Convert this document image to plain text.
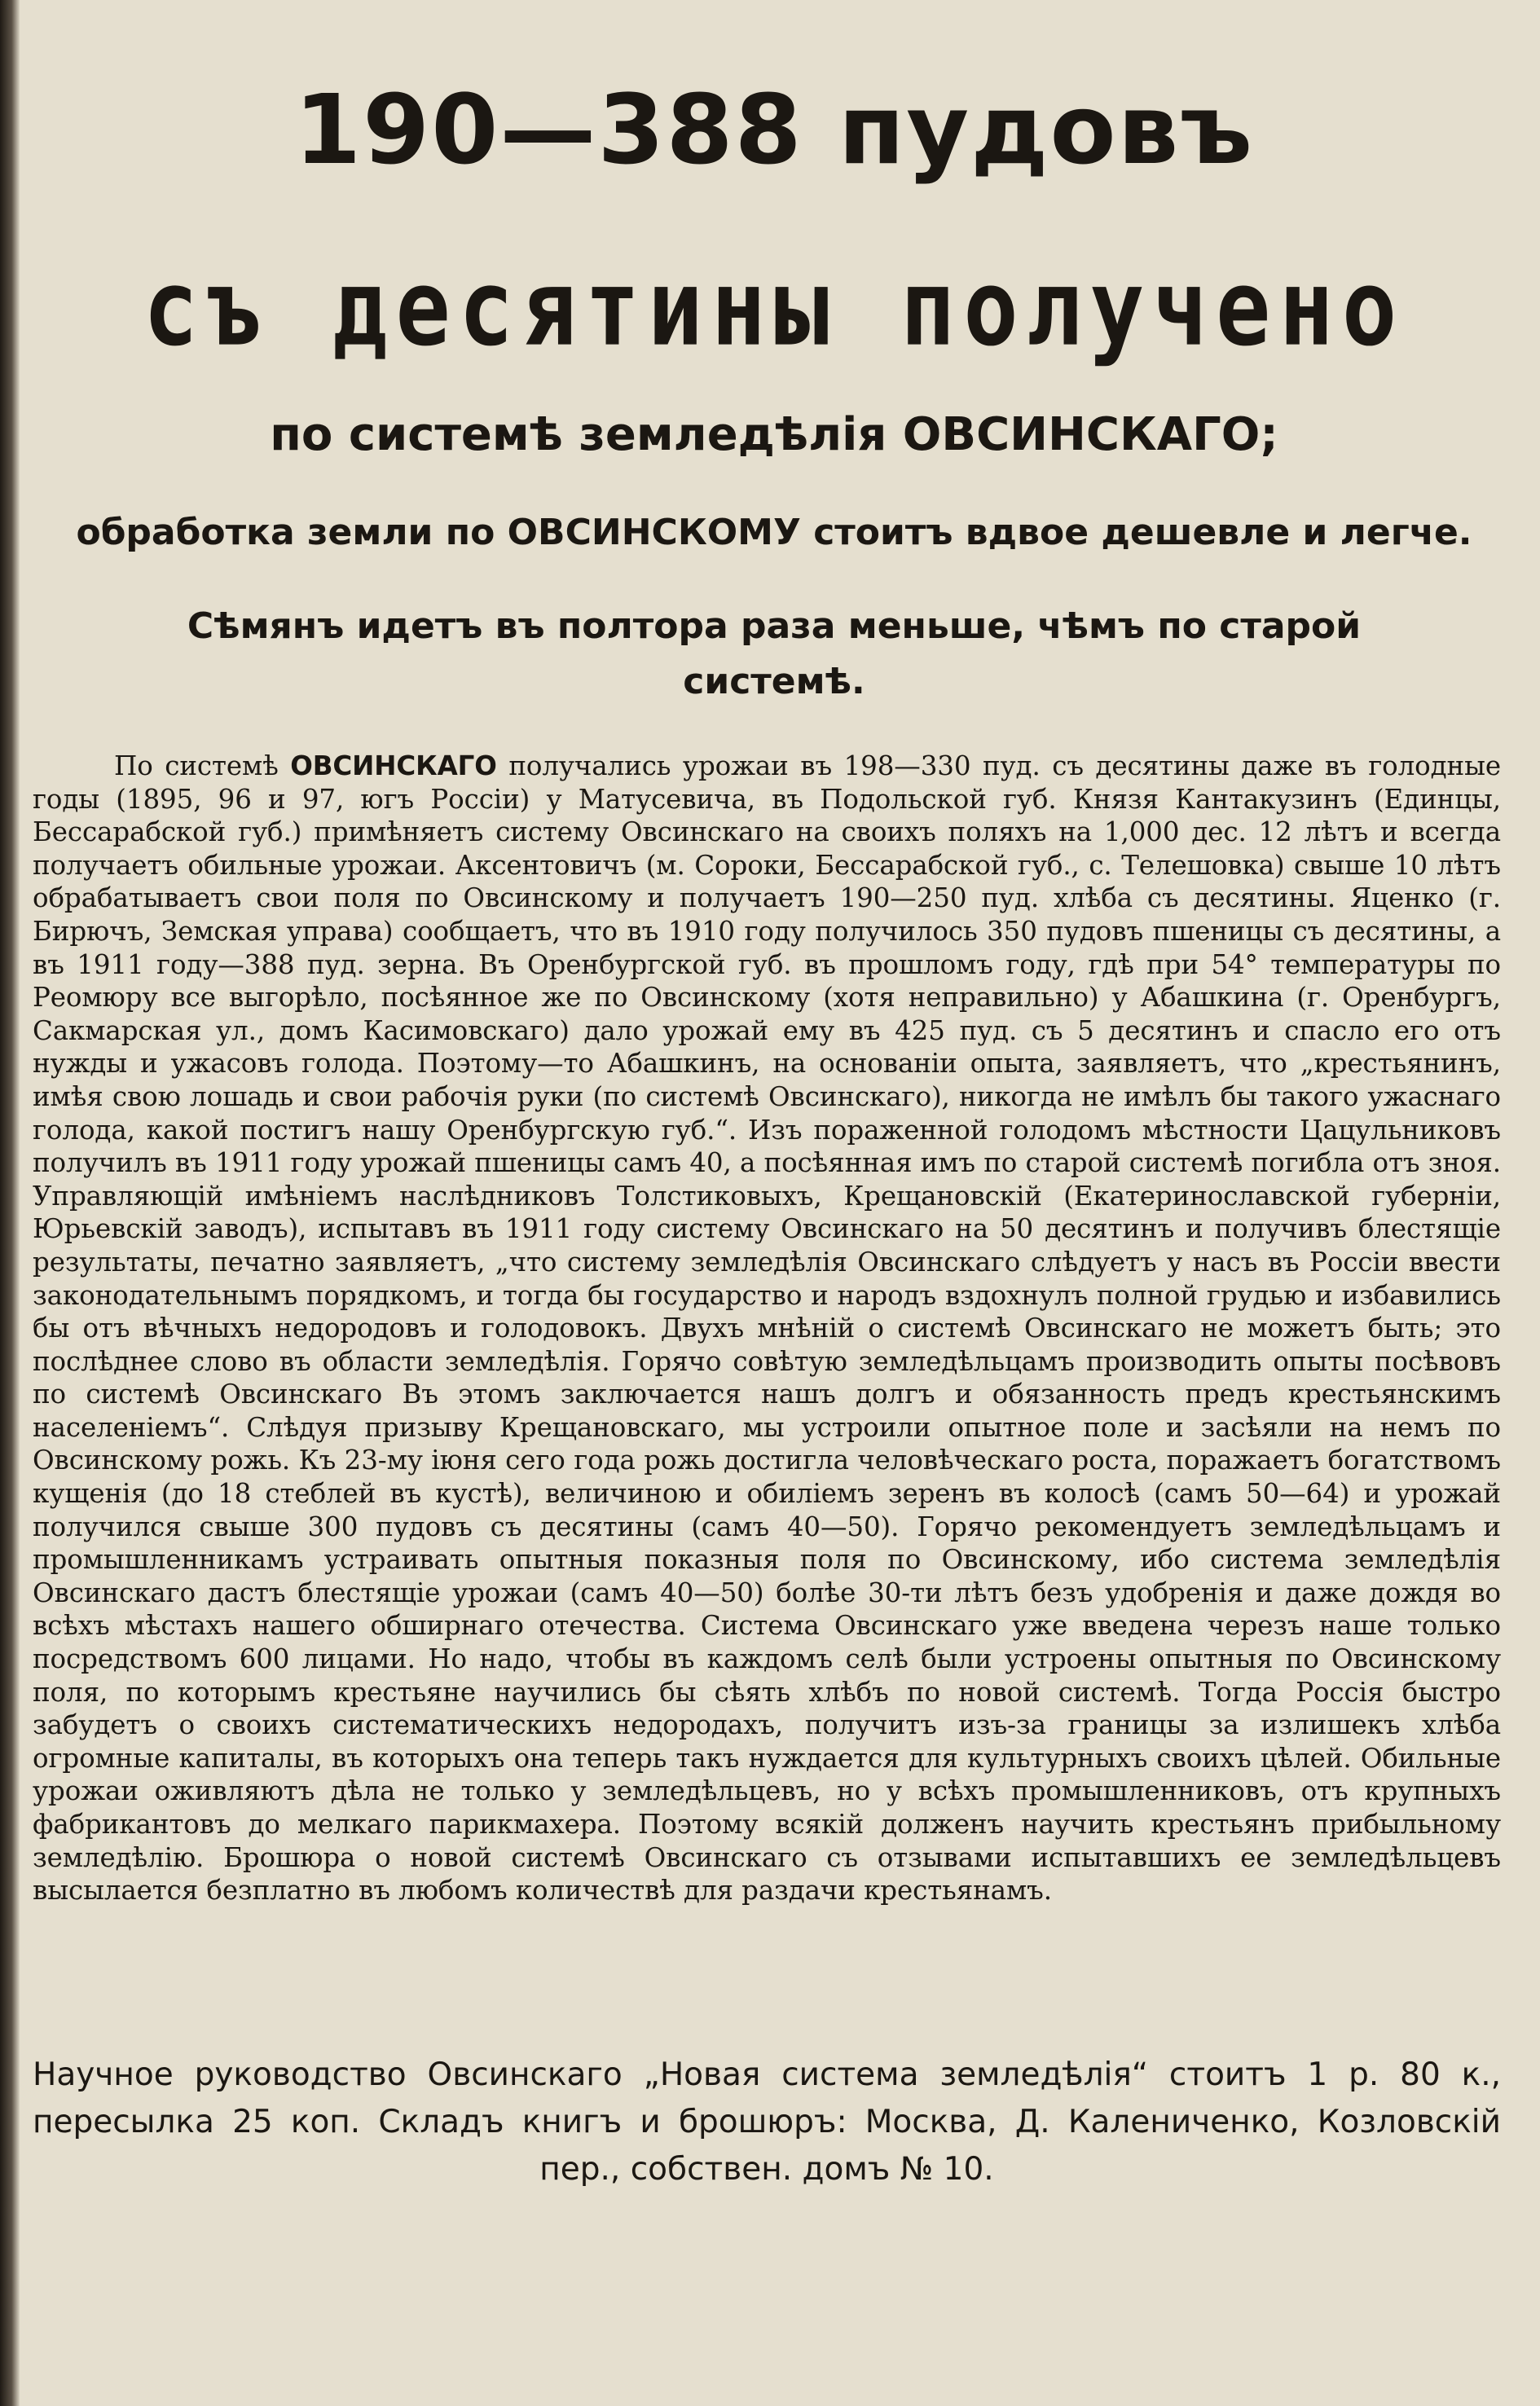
190—388 пудовъ
съ десятины получено
по системѣ земледѣлія ОВСИНСКАГО;
обработка земли по ОВСИНСКОМУ стоитъ вдвое дешевле и легче.
Сѣмянъ идетъ въ полтора раза меньше, чѣмъ по старой системѣ.
По системѣ ОВСИНСКАГО получались урожаи въ 198—330 пуд. съ десятины даже въ голодные годы (1895, 96 и 97, югъ Россіи) у Матусевича, въ Подольской губ. Князя Кантакузинъ (Единцы, Бессарабской губ.) примѣняетъ систему Овсинскаго на своихъ поляхъ на 1,000 дес. 12 лѣтъ и всегда получаетъ обильные урожаи. Аксентовичъ (м. Сороки, Бессарабской губ., с. Телешовка) свыше 10 лѣтъ обрабатываетъ свои поля по Овсинскому и получаетъ 190—250 пуд. хлѣба съ десятины. Яценко (г. Бирючъ, Земская управа) сообщаетъ, что въ 1910 году получилось 350 пудовъ пшеницы съ десятины, а въ 1911 году—388 пуд. зерна. Въ Оренбургской губ. въ прошломъ году, гдѣ при 54° температуры по Реомюру все выгорѣло, посѣянное же по Овсинскому (хотя неправильно) у Абашкина (г. Оренбургъ, Сакмарская ул., домъ Касимовскаго) дало урожай ему въ 425 пуд. съ 5 десятинъ и спасло его отъ нужды и ужасовъ голода. Поэтому—то Абашкинъ, на основаніи опыта, заявляетъ, что „крестьянинъ, имѣя свою лошадь и свои рабочія руки (по системѣ Овсинскаго), никогда не имѣлъ бы такого ужаснаго голода, какой постигъ нашу Оренбургскую губ.“. Изъ пораженной голодомъ мѣстности Цацульниковъ получилъ въ 1911 году урожай пшеницы самъ 40, а посѣянная имъ по старой системѣ погибла отъ зноя. Управляющій имѣніемъ наслѣдниковъ Толстиковыхъ, Крещановскій (Екатеринославской губерніи, Юрьевскій заводъ), испытавъ въ 1911 году систему Овсинскаго на 50 десятинъ и получивъ блестящіе результаты, печатно заявляетъ, „что систему земледѣлія Овсинскаго слѣдуетъ у насъ въ Россіи ввести законодательнымъ порядкомъ, и тогда бы государство и народъ вздохнулъ полной грудью и избавились бы отъ вѣчныхъ недородовъ и голодовокъ. Двухъ мнѣній о системѣ Овсинскаго не можетъ быть; это послѣднее слово въ области земледѣлія. Горячо совѣтую земледѣльцамъ производить опыты посѣвовъ по системѣ Овсинскаго Въ этомъ заключается нашъ долгъ и обязанность предъ крестьянскимъ населеніемъ“. Слѣдуя призыву Крещановскаго, мы устроили опытное поле и засѣяли на немъ по Овсинскому рожь. Къ 23-му іюня сего года рожь достигла человѣческаго роста, поражаетъ богатствомъ кущенія (до 18 стеблей въ кустѣ), величиною и обиліемъ зеренъ въ колосѣ (самъ 50—64) и урожай получился свыше 300 пудовъ съ десятины (самъ 40—50). Горячо рекомендуетъ земледѣльцамъ и промышленникамъ устраивать опытныя показныя поля по Овсинскому, ибо система земледѣлія Овсинскаго дастъ блестящіе урожаи (самъ 40—50) болѣе 30-ти лѣтъ безъ удобренія и даже дождя во всѣхъ мѣстахъ нашего обширнаго отечества. Система Овсинскаго уже введена черезъ наше только посредствомъ 600 лицами. Но надо, чтобы въ каждомъ селѣ были устроены опытныя по Овсинскому поля, по которымъ крестьяне научились бы сѣять хлѣбъ по новой системѣ. Тогда Россія быстро забудетъ о своихъ систематическихъ недородахъ, получитъ изъ-за границы за излишекъ хлѣба огромные капиталы, въ которыхъ она теперь такъ нуждается для культурныхъ своихъ цѣлей. Обильные урожаи оживляютъ дѣла не только у земледѣльцевъ, но у всѣхъ промышленниковъ, отъ крупныхъ фабрикантовъ до мелкаго парикмахера. Поэтому всякій долженъ научить крестьянъ прибыльному земледѣлію. Брошюра о новой системѣ Овсинскаго съ отзывами испытавшихъ ее земледѣльцевъ высылается безплатно въ любомъ количествѣ для раздачи крестьянамъ.
Научное руководство Овсинскаго „Новая система земледѣлія“ стоитъ 1 р. 80 к., пересылка 25 коп. Складъ книгъ и брошюръ: Москва, Д. Калениченко, Козловскій пер., собствен. домъ № 10.
